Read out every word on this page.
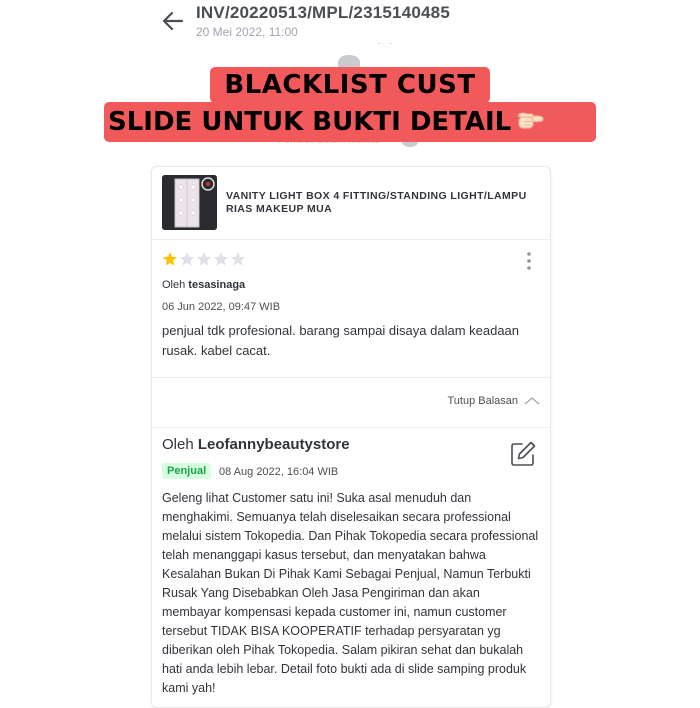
INV/20220513/MPL/2315140485
20 Mei 2022, 11:00
. .
BLACKLIST CUST
SLIDE UNTUK BUKTI DETAIL
VANITY LIGHT BOX 4 FITTING/STANDING LIGHT/LAMPU RIAS MAKEUP MUA
Oleh tesasinaga
06 Jun 2022, 09:47 WIB
penjual tdk profesional. barang sampai disaya dalam keadaan rusak. kabel cacat.
Tutup Balasan
Oleh Leofannybeautystore
Penjual	08 Aug 2022, 16:04 WIB
Geleng lihat Customer satu ini! Suka asal menuduh dan menghakimi. Semuanya telah diselesaikan secara professional melalui sistem Tokopedia. Dan Pihak Tokopedia secara professional telah menanggapi kasus tersebut, dan menyatakan bahwa Kesalahan Bukan Di Pihak Kami Sebagai Penjual, Namun Terbukti Rusak Yang Disebabkan Oleh Jasa Pengiriman dan akan membayar kompensasi kepada customer ini, namun customer tersebut TIDAK BISA KOOPERATIF terhadap persyaratan yg diberikan oleh Pihak Tokopedia. Salam pikiran sehat dan bukalah hati anda lebih lebar. Detail foto bukti ada di slide samping produk kami yah!
